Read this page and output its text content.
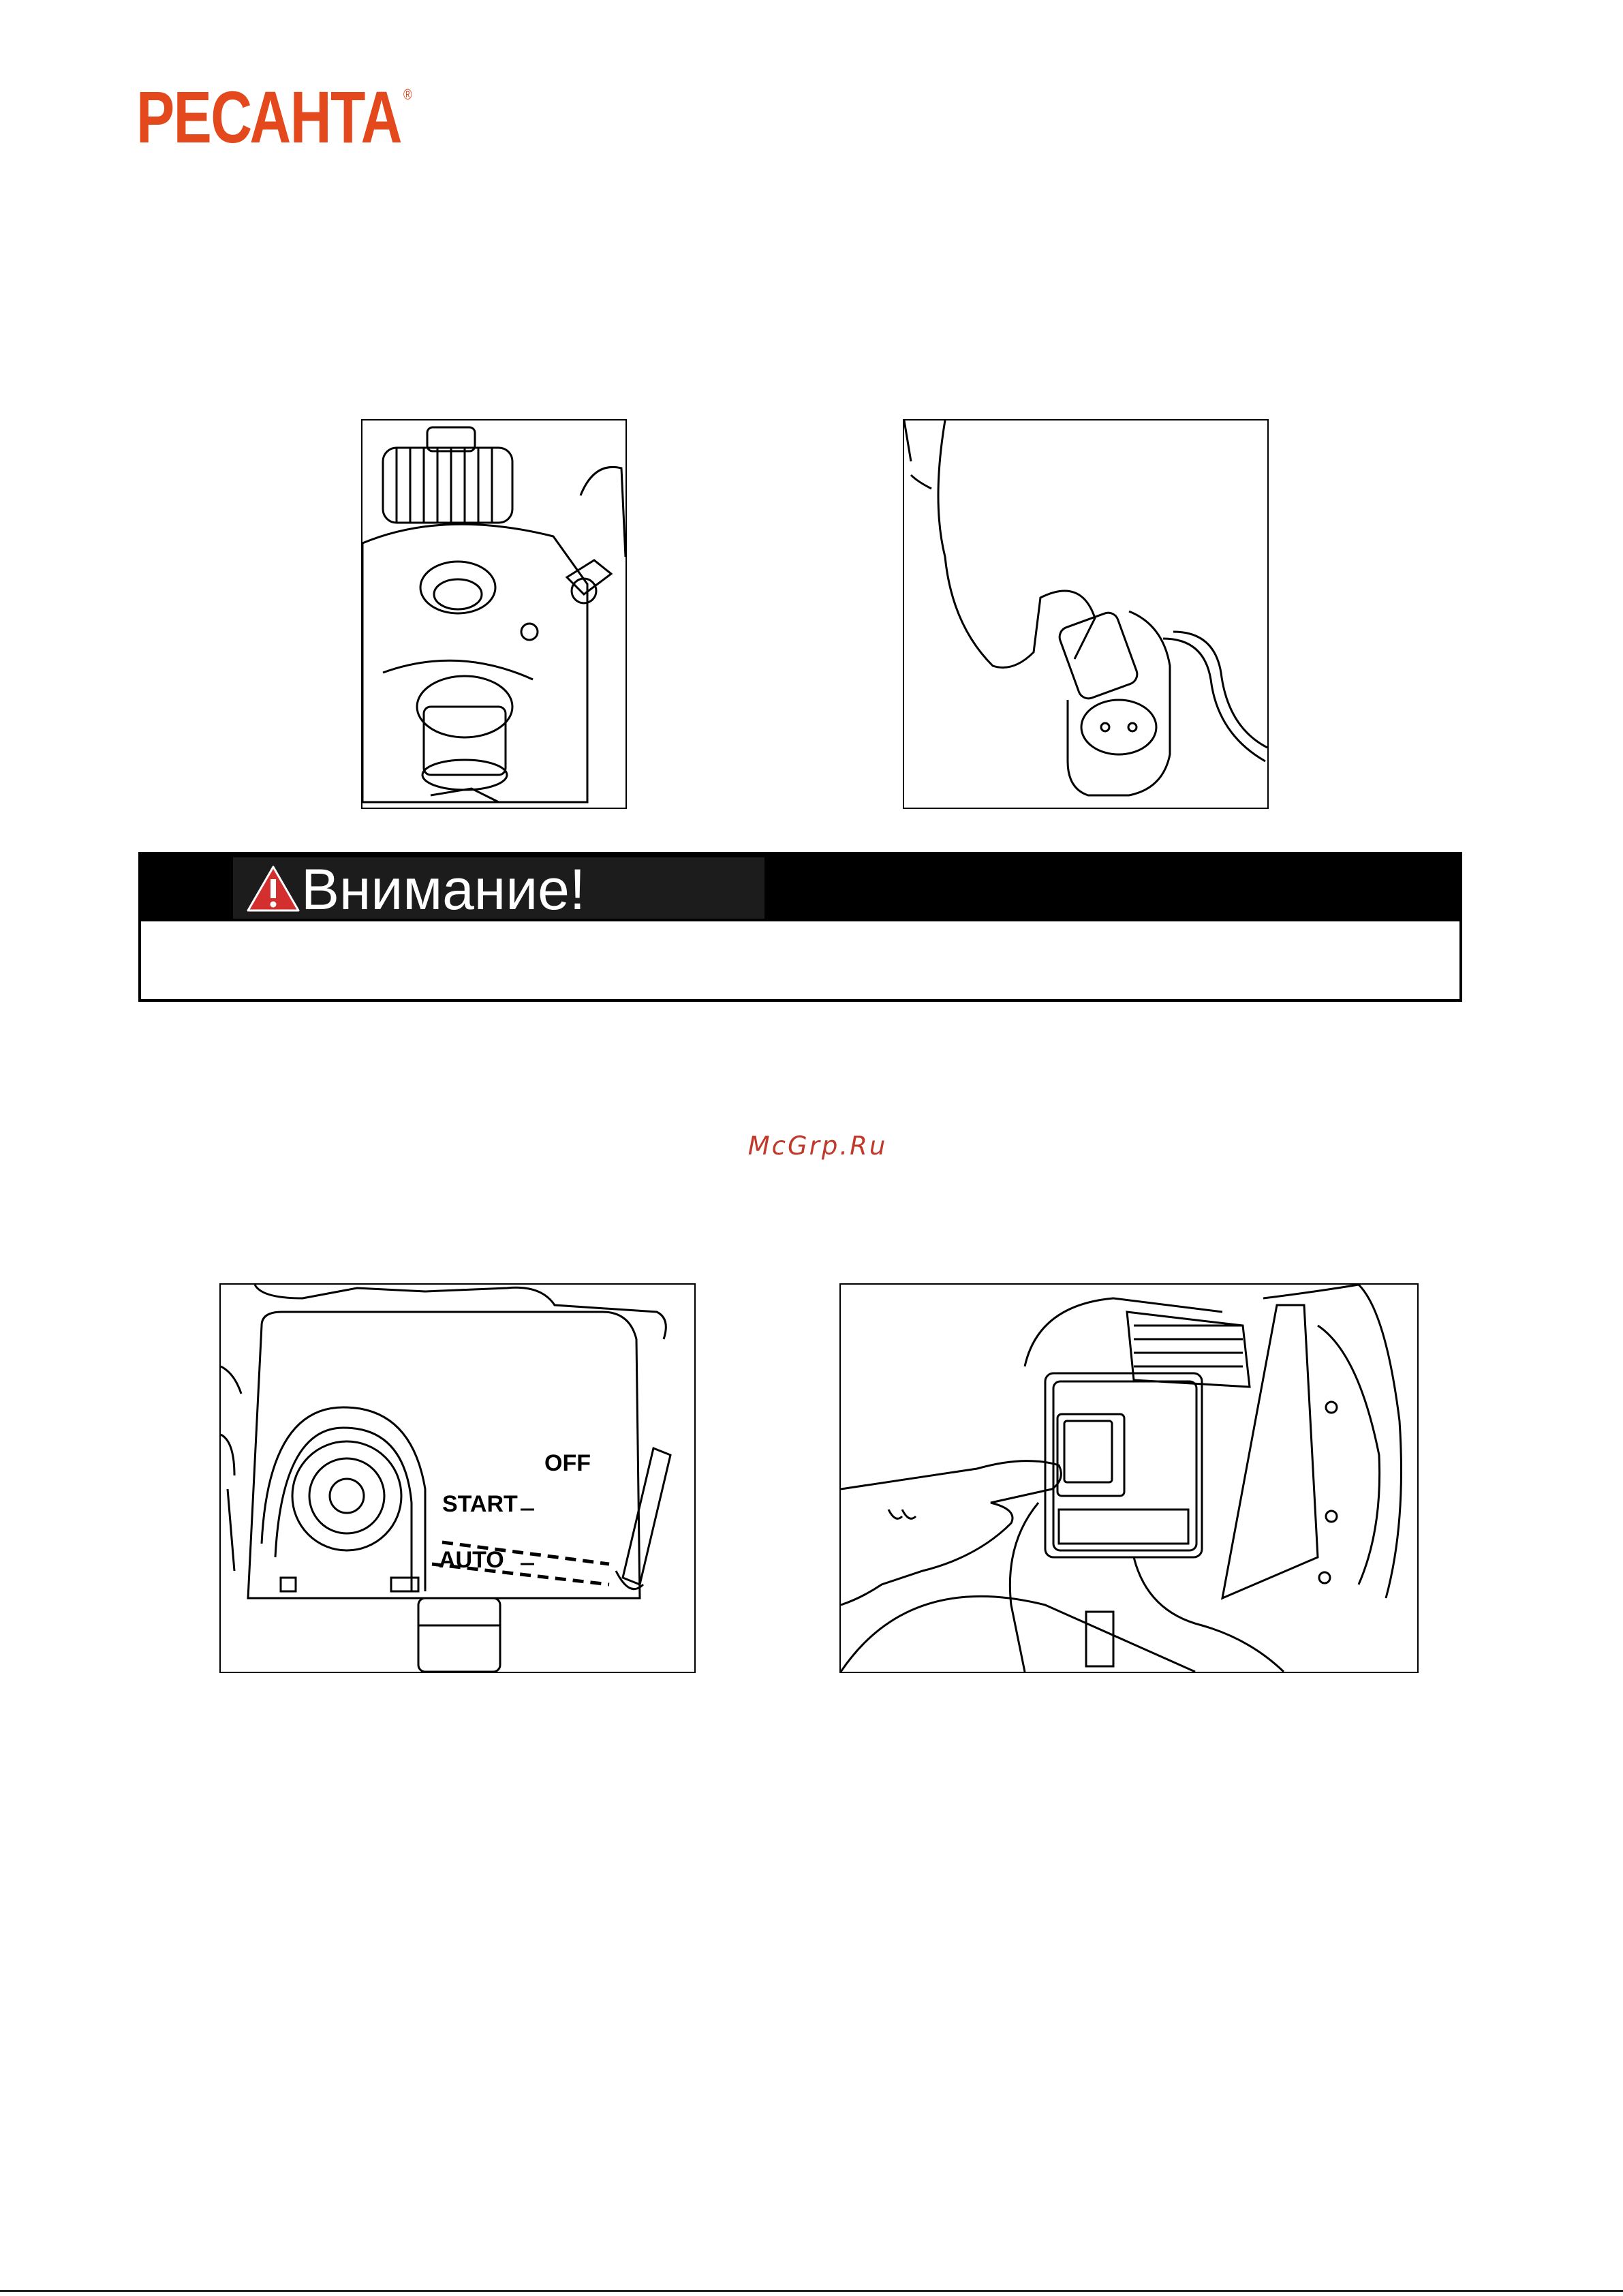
РЕСАНТА ®
Внимание!
McGrp.Ru
OFF
START
AUTO
